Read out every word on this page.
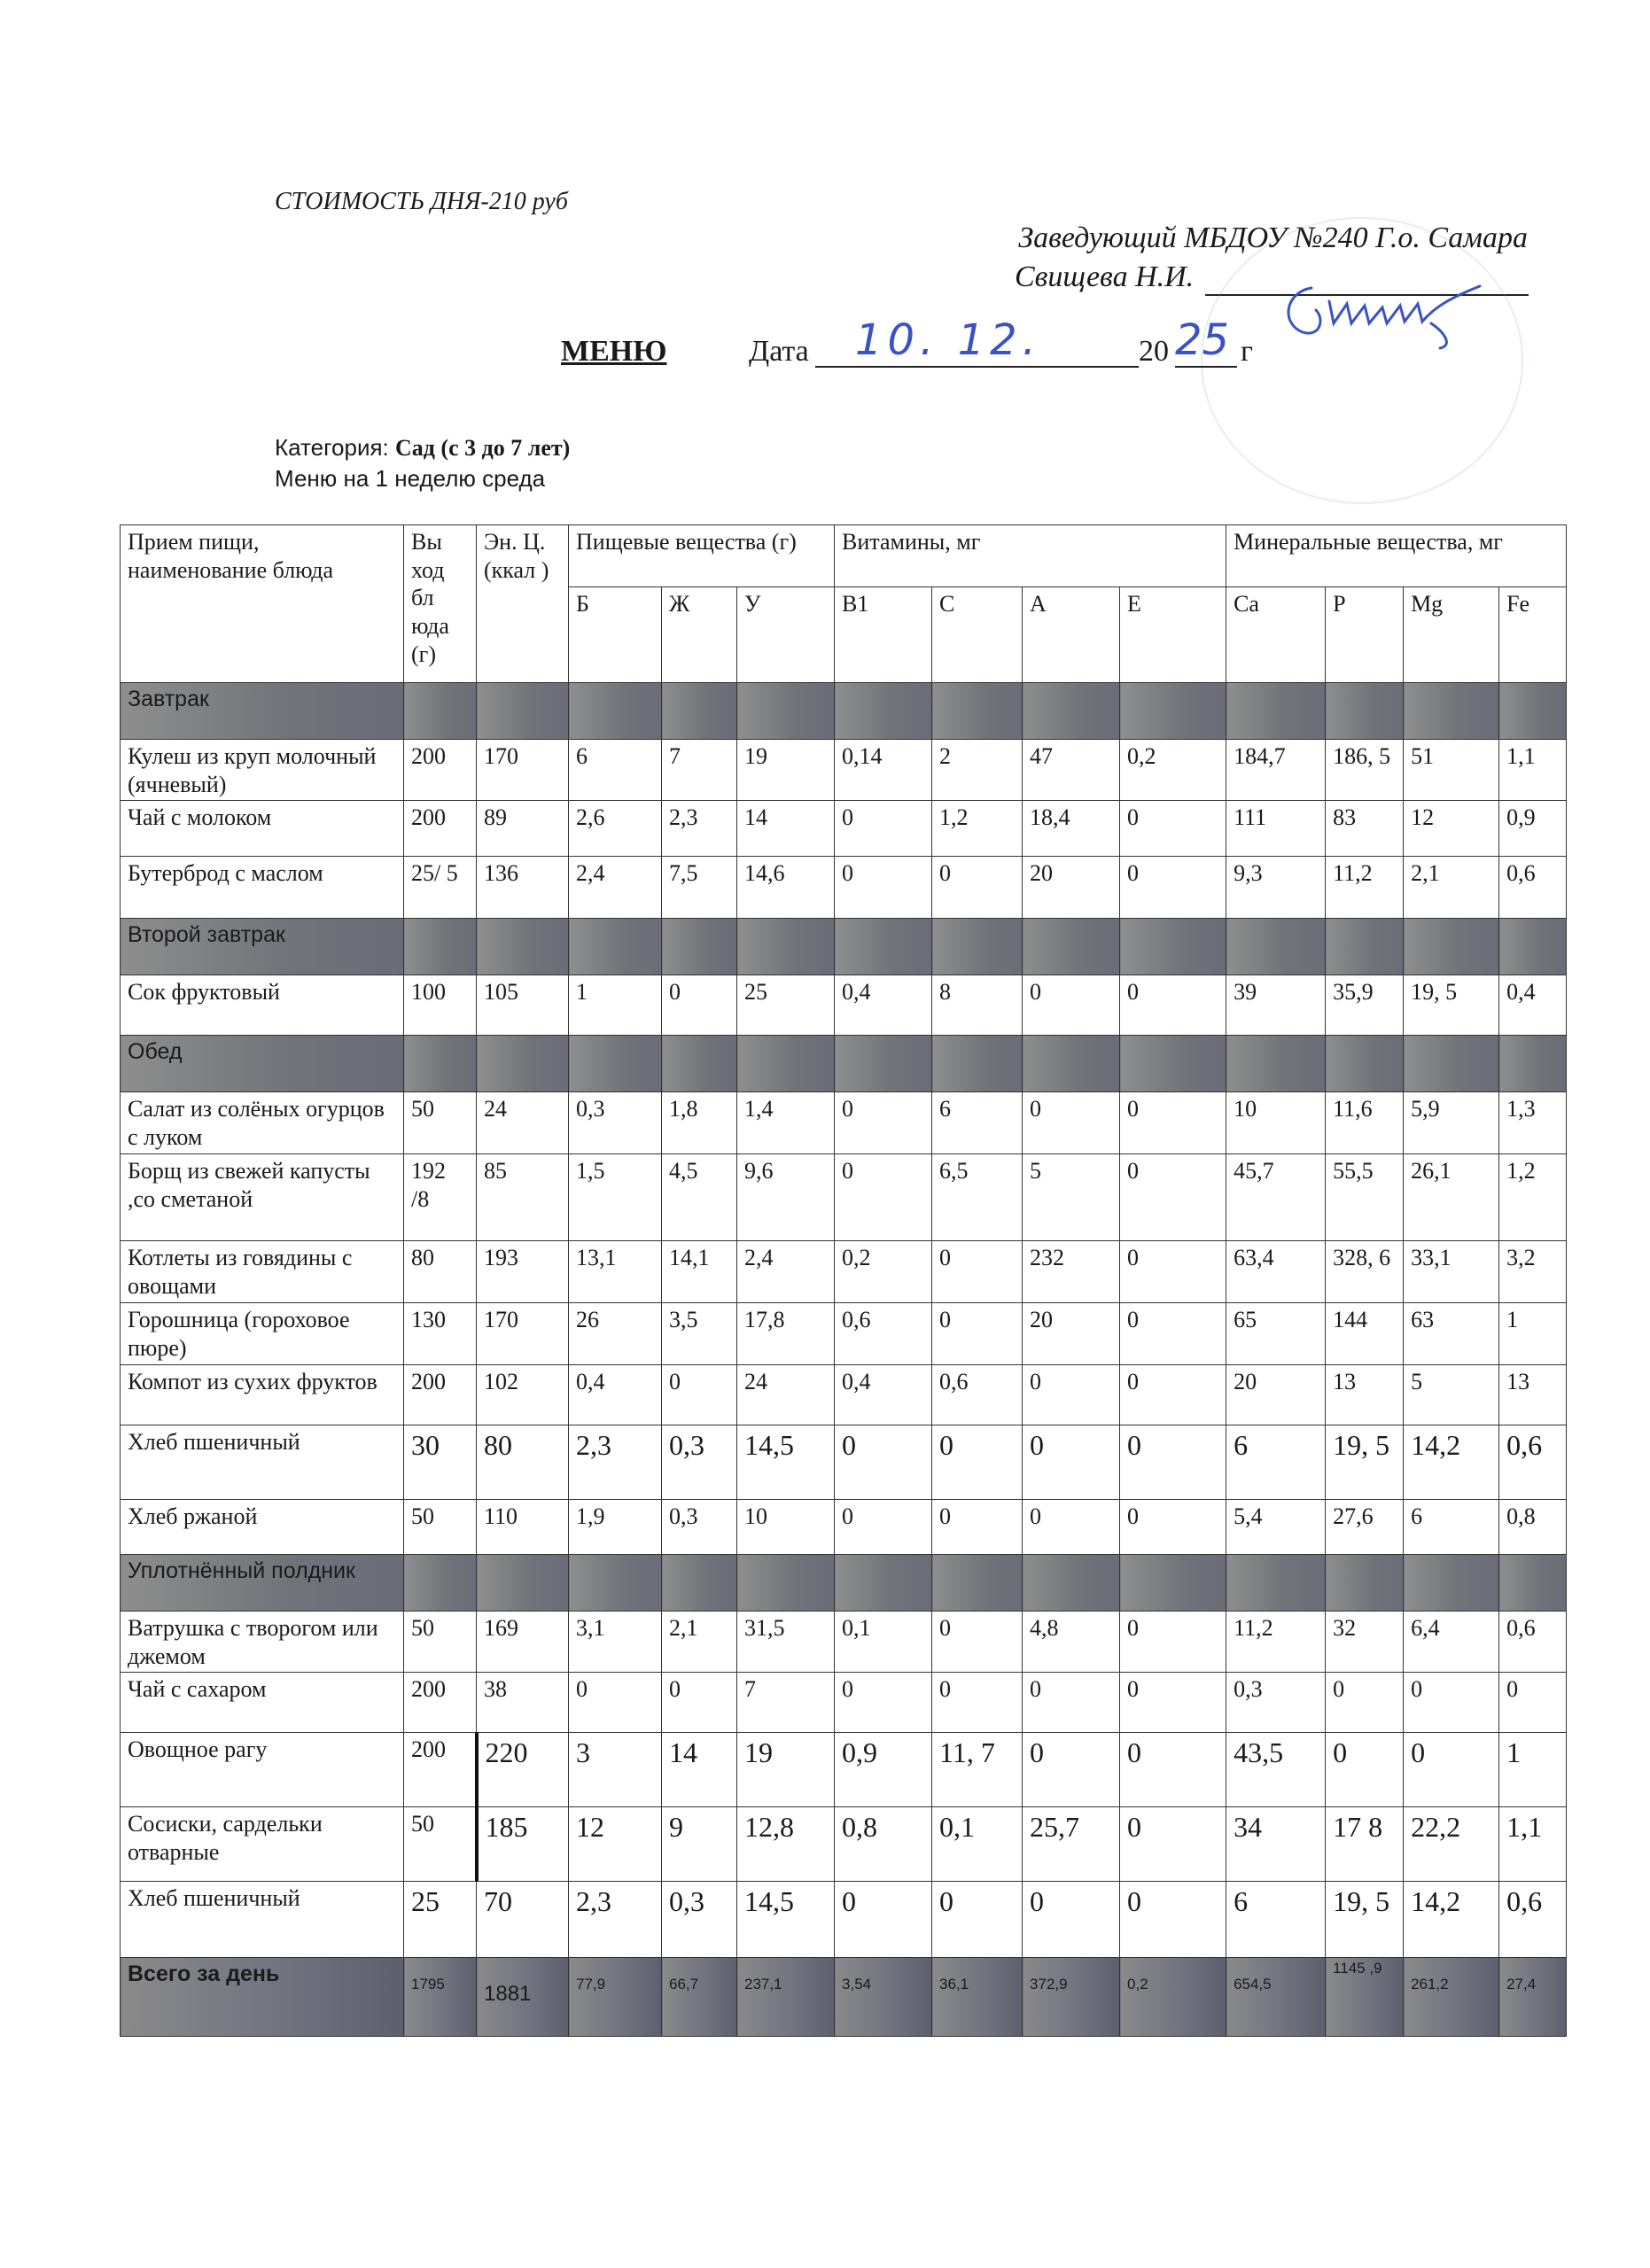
СТОИМОСТЬ ДНЯ-210 руб
Заведующий МБДОУ №240 Г.о. Самара
Свищева Н.И.
МЕНЮ	Дата 10. 12.	20 25 г
Категория: Сад (с 3 до 7 лет)
Меню на 1 неделю среда
Прием пищи, наименование блюда	Вы ход бл юда (г)	Эн. Ц. (ккал )	Пищевые вещества (г)			Витамины, мг				Минеральные вещества, мг			
			Б	Ж	У	В1	С	А	Е	Ca	P	Mg	Fe
Завтрак													
Кулеш из круп молочный (ячневый)	200	170	6	7	19	0,14	2	47	0,2	184,7	186, 5	51	1,1
Чай с молоком	200	89	2,6	2,3	14	0	1,2	18,4	0	111	83	12	0,9
Бутерброд с маслом	25/ 5	136	2,4	7,5	14,6	0	0	20	0	9,3	11,2	2,1	0,6
Второй завтрак													
Сок фруктовый	100	105	1	0	25	0,4	8	0	0	39	35,9	19, 5	0,4
Обед													
Салат из солёных огурцов с луком	50	24	0,3	1,8	1,4	0	6	0	0	10	11,6	5,9	1,3
Борщ из свежей капусты ,со сметаной	192 /8	85	1,5	4,5	9,6	0	6,5	5	0	45,7	55,5	26,1	1,2
Котлеты из говядины с овощами	80	193	13,1	14,1	2,4	0,2	0	232	0	63,4	328, 6	33,1	3,2
Горошница (гороховое пюре)	130	170	26	3,5	17,8	0,6	0	20	0	65	144	63	1
Компот из сухих фруктов	200	102	0,4	0	24	0,4	0,6	0	0	20	13	5	13
Хлеб пшеничный	30	80	2,3	0,3	14,5	0	0	0	0	6	19, 5	14,2	0,6
Хлеб ржаной	50	110	1,9	0,3	10	0	0	0	0	5,4	27,6	6	0,8
Уплотнённый полдник													
Ватрушка с творогом или джемом	50	169	3,1	2,1	31,5	0,1	0	4,8	0	11,2	32	6,4	0,6
Чай с сахаром	200	38	0	0	7	0	0	0	0	0,3	0	0	0
Овощное рагу	200	220	3	14	19	0,9	11, 7	0	0	43,5	0	0	1
Сосиски, сардельки отварные	50	185	12	9	12,8	0,8	0,1	25,7	0	34	17 8	22,2	1,1
Хлеб пшеничный	25	70	2,3	0,3	14,5	0	0	0	0	6	19, 5	14,2	0,6
Всего за день	1795	1881	77,9	66,7	237,1	3,54	36,1	372,9	0,2	654,5	1145 ,9	261,2	27,4
